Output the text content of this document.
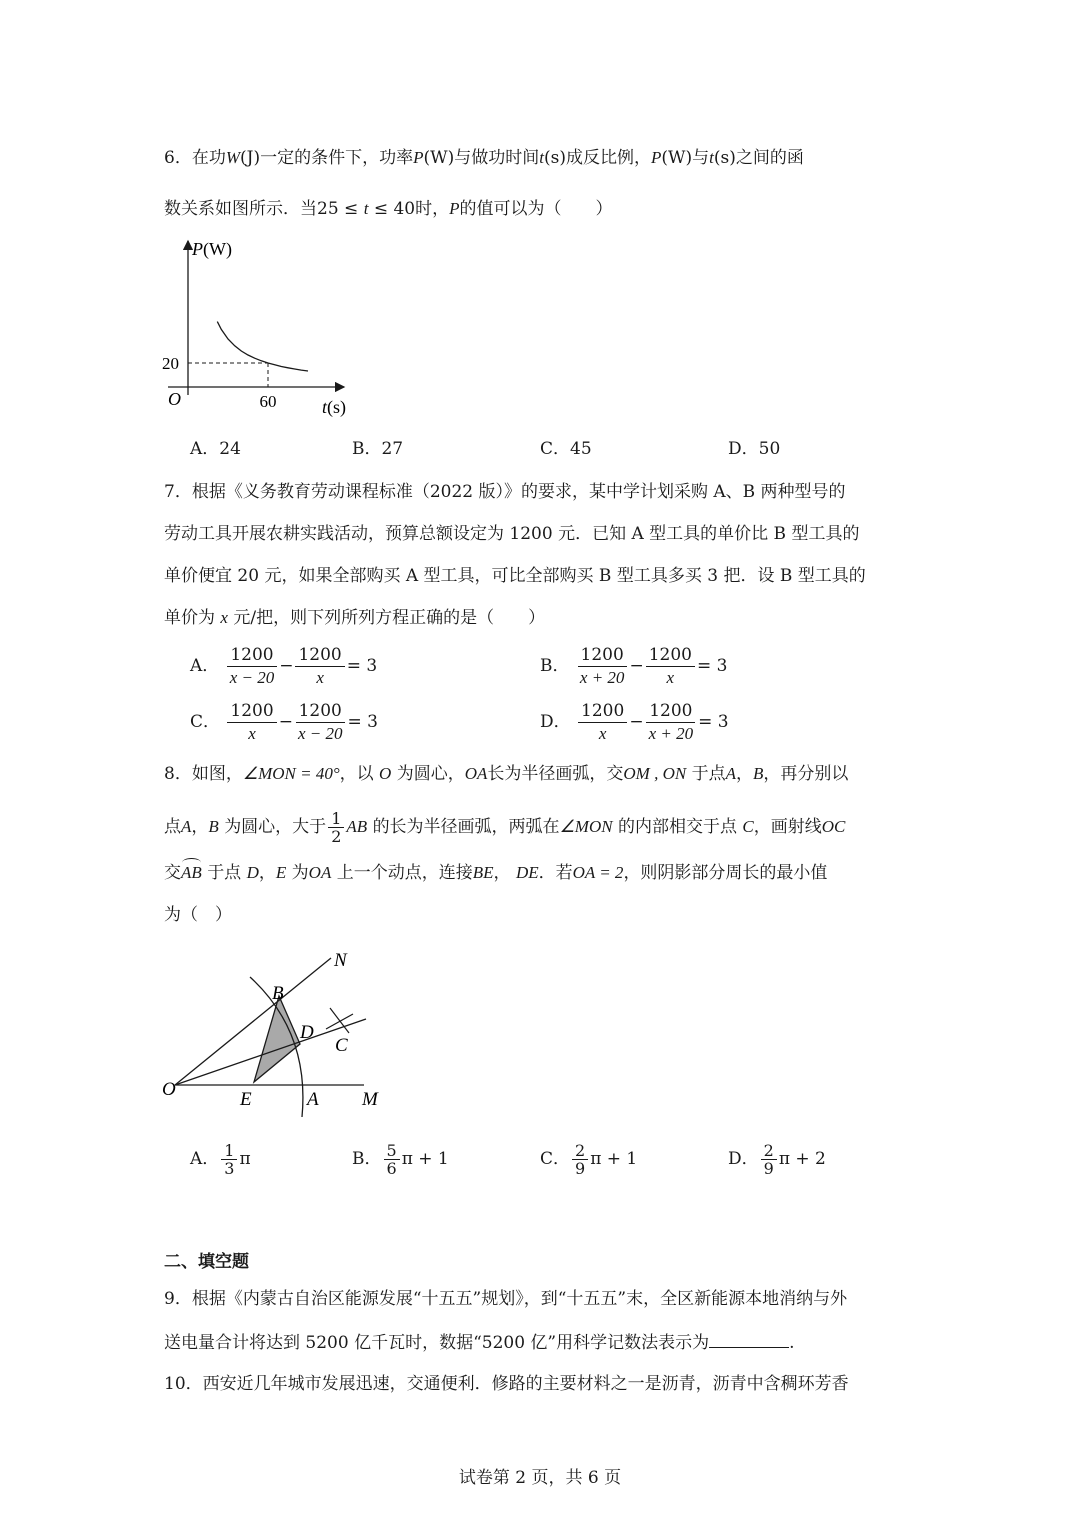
6．在功W(J)一定的条件下，功率P(W)与做功时间t(s)成反比例，P(W)与t(s)之间的函
数关系如图所示．当25 ≤ t ≤ 40时，P的值可以为（　　）
P(W)
20
O	60	t(s)
A．24	B．27	C．45	D．50
7．根据《义务教育劳动课程标准（2022 版）》的要求，某中学计划采购 A、B 两种型号的
劳动工具开展农耕实践活动，预算总额设定为 1200 元．已知 A 型工具的单价比 B 型工具的
单价便宜 20 元，如果全部购买 A 型工具，可比全部购买 B 型工具多买 3 把．设 B 型工具的
单价为 x 元/把，则下列所列方程正确的是（　　）
A． $\frac{1200}{x - 20} - \frac{1200}{x} = 3$	B． $\frac{1200}{x + 20} - \frac{1200}{x} = 3$
C． $\frac{1200}{x} - \frac{1200}{x - 20} = 3$	D． $\frac{1200}{x} - \frac{1200}{x + 20} = 3$
8．如图，∠MON = 40°，以 O 为圆心，OA长为半径画弧，交OM , ON 于点A，B，再分别以
点A，B 为圆心，大于 $\frac{1}{2}$ AB 的长为半径画弧，两弧在∠MON 的内部相交于点 C，画射线OC
交AB 于点 D，E 为OA 上一个动点，连接BE， DE．若OA = 2，则阴影部分周长的最小值
为（　）
N
B
D
C
O	E	A M
A． $\frac{1}{3}$ π	B． $\frac{5}{6}$ π + 1	C． $\frac{2}{9}$ π + 1	D． $\frac{2}{9}$ π + 2
二、填空题
9．根据《内蒙古自治区能源发展“十五五”规划》，到“十五五”末，全区新能源本地消纳与外
送电量合计将达到 5200 亿千瓦时，数据“5200 亿”用科学记数法表示为	.
10．西安近几年城市发展迅速，交通便利．修路的主要材料之一是沥青，沥青中含稠环芳香
试卷第 2 页，共 6 页
